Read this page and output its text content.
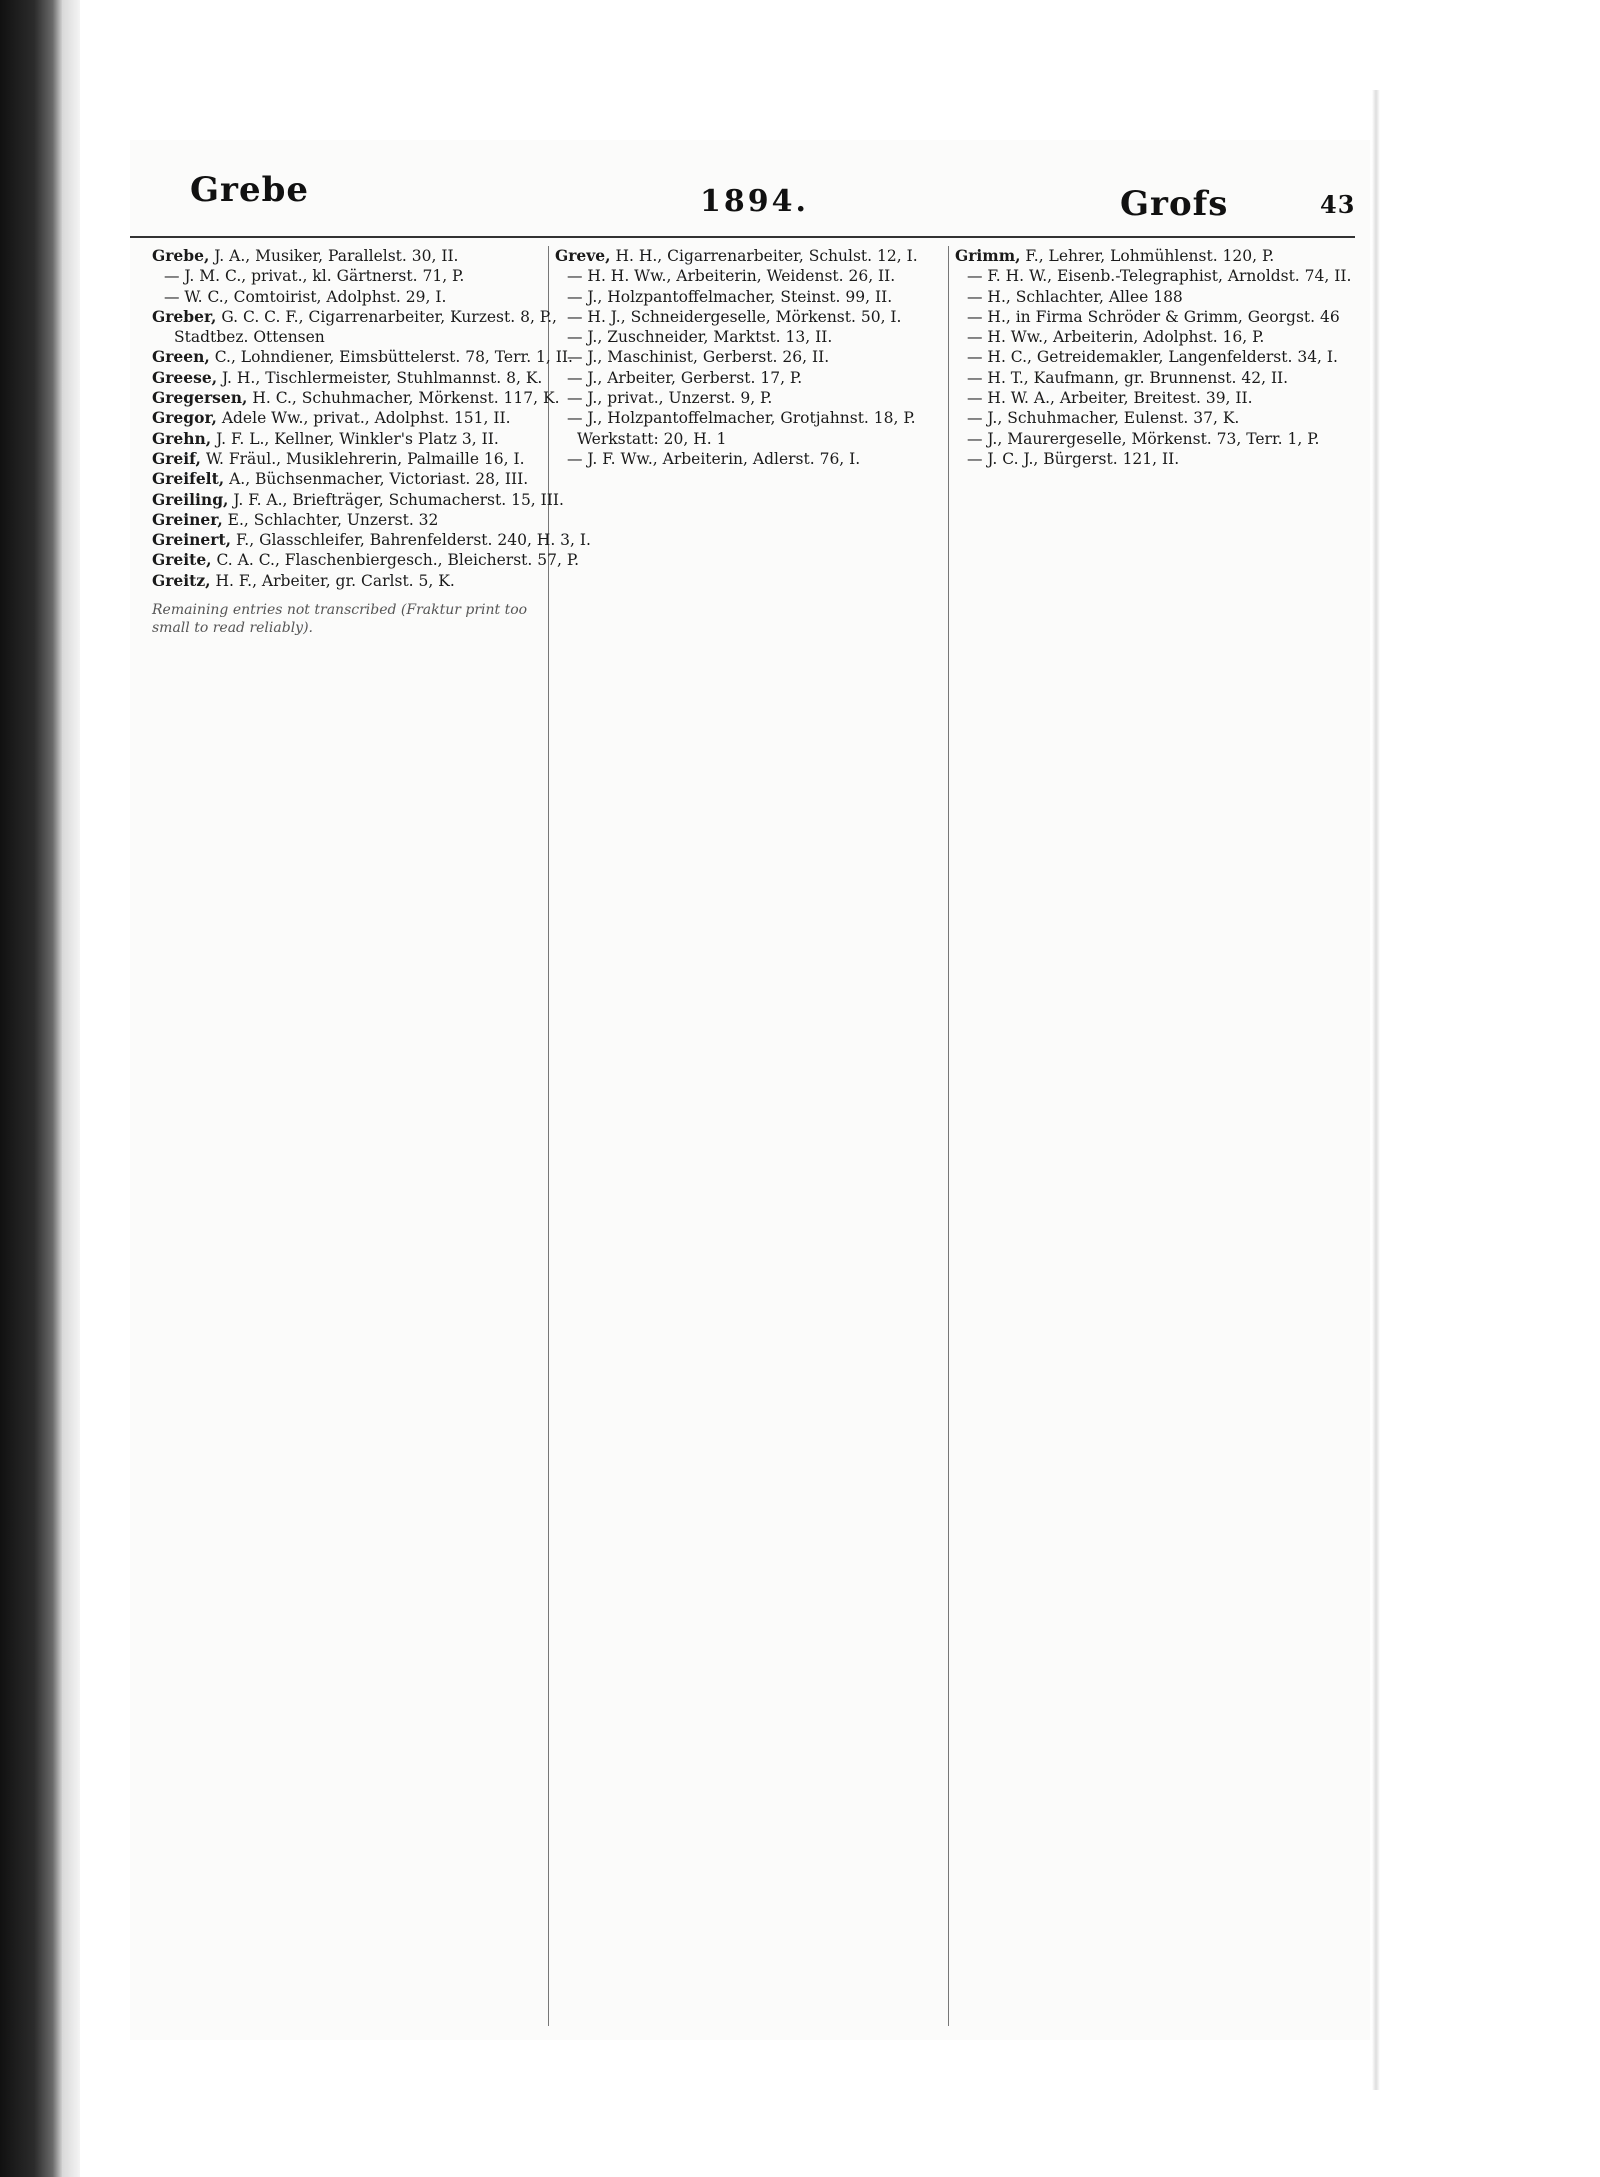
Grebe	1894.	Grofs	43
Grebe, J. A., Musiker, Parallelst. 30, II.
— J. M. C., privat., kl. Gärtnerst. 71, P.
— W. C., Comtoirist, Adolphst. 29, I.
Greber, G. C. C. F., Cigarrenarbeiter, Kurzest. 8, P.,
Stadtbez. Ottensen
Green, C., Lohndiener, Eimsbüttelerst. 78, Terr. 1, II.
Greese, J. H., Tischlermeister, Stuhlmannst. 8, K.
Gregersen, H. C., Schuhmacher, Mörkenst. 117, K.
Gregor, Adele Ww., privat., Adolphst. 151, II.
Grehn, J. F. L., Kellner, Winkler's Platz 3, II.
Greif, W. Fräul., Musiklehrerin, Palmaille 16, I.
Greifelt, A., Büchsenmacher, Victoriast. 28, III.
Greiling, J. F. A., Briefträger, Schumacherst. 15, III.
Greiner, E., Schlachter, Unzerst. 32
Greinert, F., Glasschleifer, Bahrenfelderst. 240, H. 3, I.
Greite, C. A. C., Flaschenbiergesch., Bleicherst. 57, P.
Greitz, H. F., Arbeiter, gr. Carlst. 5, K.
Remaining entries not transcribed (Fraktur print too small to read reliably).
Greve, H. H., Cigarrenarbeiter, Schulst. 12, I.
— H. H. Ww., Arbeiterin, Weidenst. 26, II.
— J., Holzpantoffelmacher, Steinst. 99, II.
— H. J., Schneidergeselle, Mörkenst. 50, I.
— J., Zuschneider, Marktst. 13, II.
— J., Maschinist, Gerberst. 26, II.
— J., Arbeiter, Gerberst. 17, P.
— J., privat., Unzerst. 9, P.
— J., Holzpantoffelmacher, Grotjahnst. 18, P.
Werkstatt: 20, H. 1
— J. F. Ww., Arbeiterin, Adlerst. 76, I.
Grimm, F., Lehrer, Lohmühlenst. 120, P.
— F. H. W., Eisenb.-Telegraphist, Arnoldst. 74, II.
— H., Schlachter, Allee 188
— H., in Firma Schröder & Grimm, Georgst. 46
— H. Ww., Arbeiterin, Adolphst. 16, P.
— H. C., Getreidemakler, Langenfelderst. 34, I.
— H. T., Kaufmann, gr. Brunnenst. 42, II.
— H. W. A., Arbeiter, Breitest. 39, II.
— J., Schuhmacher, Eulenst. 37, K.
— J., Maurergeselle, Mörkenst. 73, Terr. 1, P.
— J. C. J., Bürgerst. 121, II.
